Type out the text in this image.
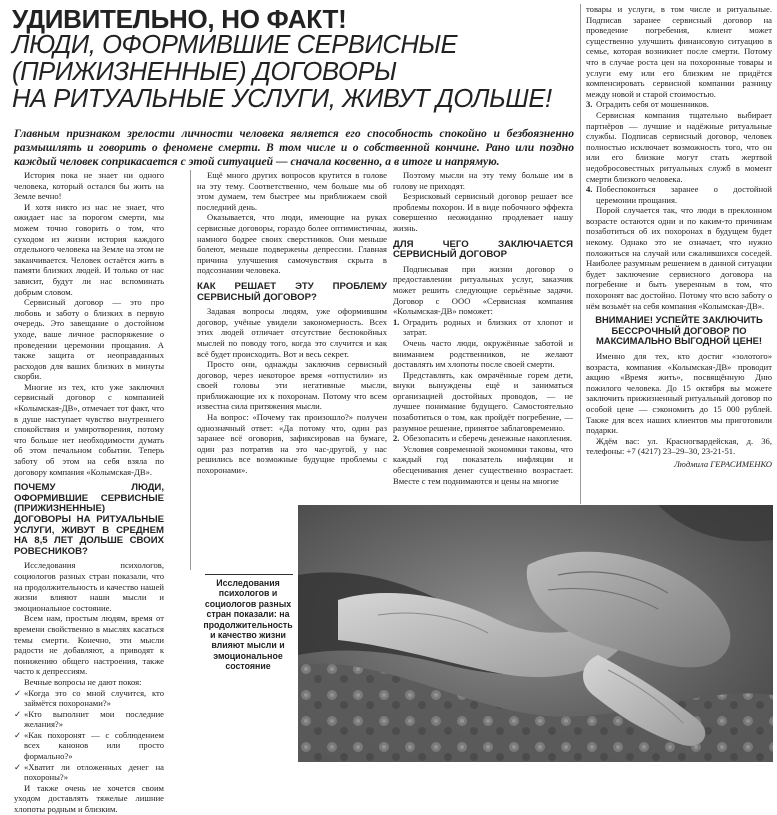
УДИВИТЕЛЬНО, НО ФАКТ!
ЛЮДИ, ОФОРМИВШИЕ СЕРВИСНЫЕ
(ПРИЖИЗНЕННЫЕ) ДОГОВОРЫ
НА РИТУАЛЬНЫЕ УСЛУГИ, ЖИВУТ ДОЛЬШЕ!
Главным признаком зрелости личности человека является его способность спокойно и безбоязненно размышлять и говорить о феномене смерти. В том числе и о собственной кончине. Рано или поздно каждый человек соприкасается с этой ситуацией — сначала косвенно, а в итоге и напрямую.

История пока не знает ни одного человека, который остался бы жить на Земле вечно!

И хотя никто из нас не знает, что ожидает нас за порогом смерти, мы можем точно говорить о том, что суходом из жизни история каждого отдельного человека на Земле на этом не заканчивается. Человек остаётся жить в памяти близких людей. И только от нас зависит, будут ли нас вспоминать добрым словом.

Сервисный договор — это про любовь и заботу о близких в первую очередь. Это завещание о достойном уходе, ваше личное распоряжение о проведении церемонии прощания. А также защита от неоправданных расходов для ваших близких в минуты скорби.

Многие из тех, кто уже заключил сервисный договор с компанией «Колымская-ДВ», отмечает тот факт, что в душе наступает чувство внутреннего спокойствия и умиротворения, потому что больше нет необходимости думать об этом печальном событии. Теперь заботу об этом на себя взяла по договору компания «Колымская-ДВ».

ПОЧЕМУ ЛЮДИ, ОФОРМИВШИЕ СЕРВИСНЫЕ (ПРИЖИЗНЕННЫЕ) ДОГОВОРЫ НА РИТУАЛЬНЫЕ УСЛУГИ, ЖИВУТ В СРЕДНЕМ НА 8,5 ЛЕТ ДОЛЬШЕ СВОИХ РОВЕСНИКОВ?

Исследования психологов, социологов разных стран показали, что на продолжительность и качество нашей жизни влияют наши мысли и эмоциональное состояние.

Всем нам, простым людям, время от времени свойственно в мыслях касаться темы смерти. Конечно, эти мысли радости не добавляют, а приводят к понижению общего настроения, также часто к депрессиям.

Вечные вопросы не дают покоя:

✓ «Когда это со мной случится, кто займётся похоронами?»
✓ «Кто выполнит мои последние желания?»
✓ «Как похоронят — с соблюдением всех канонов или просто формально?»
✓ «Хватит ли отложенных денег на похороны?»

И также очень не хочется своим уходом доставлять тяжелые лишние хлопоты родным и близким.

Ещё много других вопросов крутится в голове на эту тему. Соответственно, чем больше мы об этом думаем, тем быстрее мы приближаем свой последний день.

Оказывается, что люди, имеющие на руках сервисные договоры, гораздо более оптимистичны, намного бодрее своих сверстников. Они меньше болеют, меньше подвержены депрессии. Главная причина улучшения самочувствия скрыта в подсознании человека.

КАК РЕШАЕТ ЭТУ ПРОБЛЕМУ СЕРВИСНЫЙ ДОГОВОР?

Задавая вопросы людям, уже оформившим договор, учёные увидели закономерность. Всех этих людей отличает отсутствие беспокойных мыслей по поводу того, когда это случится и как всё будет происходить. Вот и весь секрет.

Просто они, однажды заключив сервисный договор, через некоторое время «отпустили» из своей головы эти негативные мысли, приближающие их к похоронам. Потому что всем известна сила притяжения мысли.

На вопрос: «Почему так произошло?» получен однозначный ответ: «Да потому что, один раз заранее всё оговорив, зафиксировав на бумаге, один раз потратив на это час-другой, у нас решились все возможные будущие проблемы с похоронами».

Поэтому мысли на эту тему больше им в голову не приходят.

Безрисковый сервисный договор решает все проблемы похорон. И в виде побочного эффекта совершенно неожиданно продлевает нашу жизнь.

ДЛЯ ЧЕГО ЗАКЛЮЧАЕТСЯ СЕРВИСНЫЙ ДОГОВОР

Подписывая при жизни договор о предоставлении ритуальных услуг, заказчик может решить следующие серьёзные задачи. Договор с ООО «Сервисная компания «Колымская-ДВ» поможет:

1. Оградить родных и близких от хлопот и затрат.

Очень часто люди, окружённые заботой и вниманием родственников, не желают доставлять им хлопоты после своей смерти.

Представлять, как омрачённые горем дети, внуки вынуждены ещё и заниматься организацией достойных проводов, — не лучшее понимание будущего. Самостоятельно позаботиться о том, как пройдёт погребение, — разумное решение, принятое заблаговременно.

2. Обезопасить и сберечь денежные накопления.

Условия современной экономики таковы, что каждый год показатель инфляции и обесценивания денег существенно возрастает. Вместе с тем поднимаются и цены на многие

товары и услуги, в том числе и ритуальные. Подписав заранее сервисный договор на проведение погребения, клиент может существенно улучшить финансовую ситуацию в семье, которая возникнет после смерти. Потому что в случае роста цен на похоронные товары и услуги ему или его близким не придётся компенсировать сервисной компании разницу между новой и старой стоимостью.

3. Оградить себя от мошенников.

Сервисная компания тщательно выбирает партнёров — лучшие и надёжные ритуальные службы. Подписав сервисный договор, человек полностью исключает возможность того, что он или его близкие могут стать жертвой недобросовестных ритуальных служб в момент смерти близкого человека.

4. Побеспокоиться заранее о достойной церемонии прощания.

Порой случается так, что люди в преклонном возрасте остаются одни и по каким-то причинам позаботиться об их похоронах в будущем будет некому. Однако это не означает, что нужно положиться на случай или сжалившихся соседей. Наиболее разумным решением в данной ситуации будет заключение сервисного договора на погребение и быть уверенным в том, что похоронят вас достойно. Потому что всю заботу о нём возьмёт на себя компания «Колымская-ДВ».

ВНИМАНИЕ! УСПЕЙТЕ ЗАКЛЮЧИТЬ БЕССРОЧНЫЙ ДОГОВОР ПО МАКСИМАЛЬНО ВЫГОДНОЙ ЦЕНЕ!

Именно для тех, кто достиг «золотого» возраста, компания «Колымская-ДВ» проводит акцию «Время жить», посвящённую Дню пожилого человека. До 15 октября вы можете заключить прижизненный ритуальный договор по особой цене — сэкономить до 15 000 рублей. Также для всех наших клиентов мы приготовили подарки.

Ждём вас: ул. Красногвардейская, д. 36, телефоны: +7 (4217) 23–29–30, 23-21-51.

Людмила ГЕРАСИМЕНКО
Исследования психологов и социологов разных стран показали: на продолжительность и качество жизни влияют мысли и эмоциональное состояние
